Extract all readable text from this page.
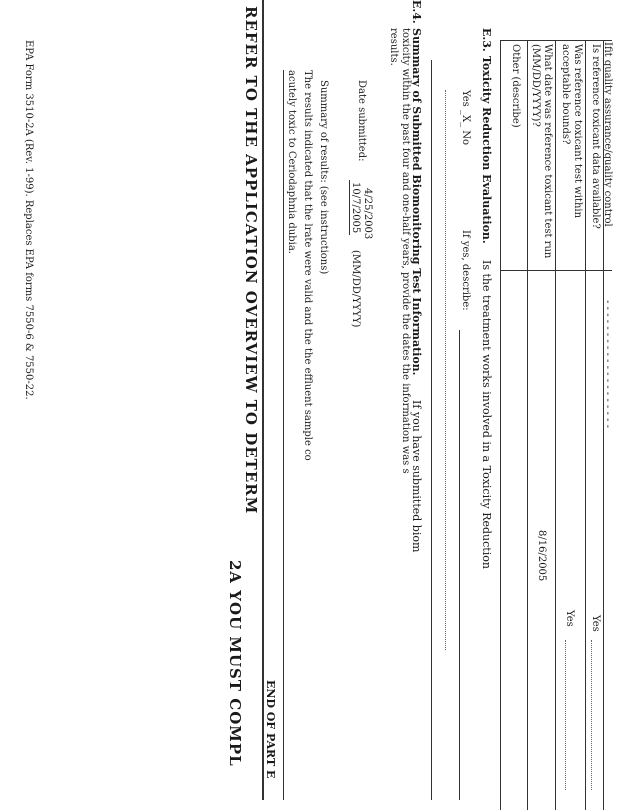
Ifit quality assurance/quality control
- - - - - - - - - - - - - - - - - - - -
Is reference toxicant data available?
Yes
Was reference toxicant test within
acceptable bounds?
Yes
What date was reference toxicant test run
(MM/DD/YYYY)?
8/16/2005
Other (describe)
E.3.
Toxicity Reduction Evaluation.
Is the treatment works involved in a Toxicity Reduction
Yes _X_ No
If yes, describe:
E.4.
Summary of Submitted Biomonitoring Test Information.
If you have submitted biom
toxicity within the past four and one-half years, provide the dates the information was s
results.
Date submitted:
4/25/2003
10/7/2005
(MM/DD/YYYY)
Summary of results: (see instructions)
The results indicated that the lrate were valid and the the effluent sample co
acutely toxic to Ceriodaphnia dubia.
END OF PART E
REFER TO THE APPLICATION OVERVIEW TO DETERM
2A YOU MUST COMPL
EPA Form 3510-2A (Rev. 1-99). Replaces EPA forms 7550-6 & 7550-22.
